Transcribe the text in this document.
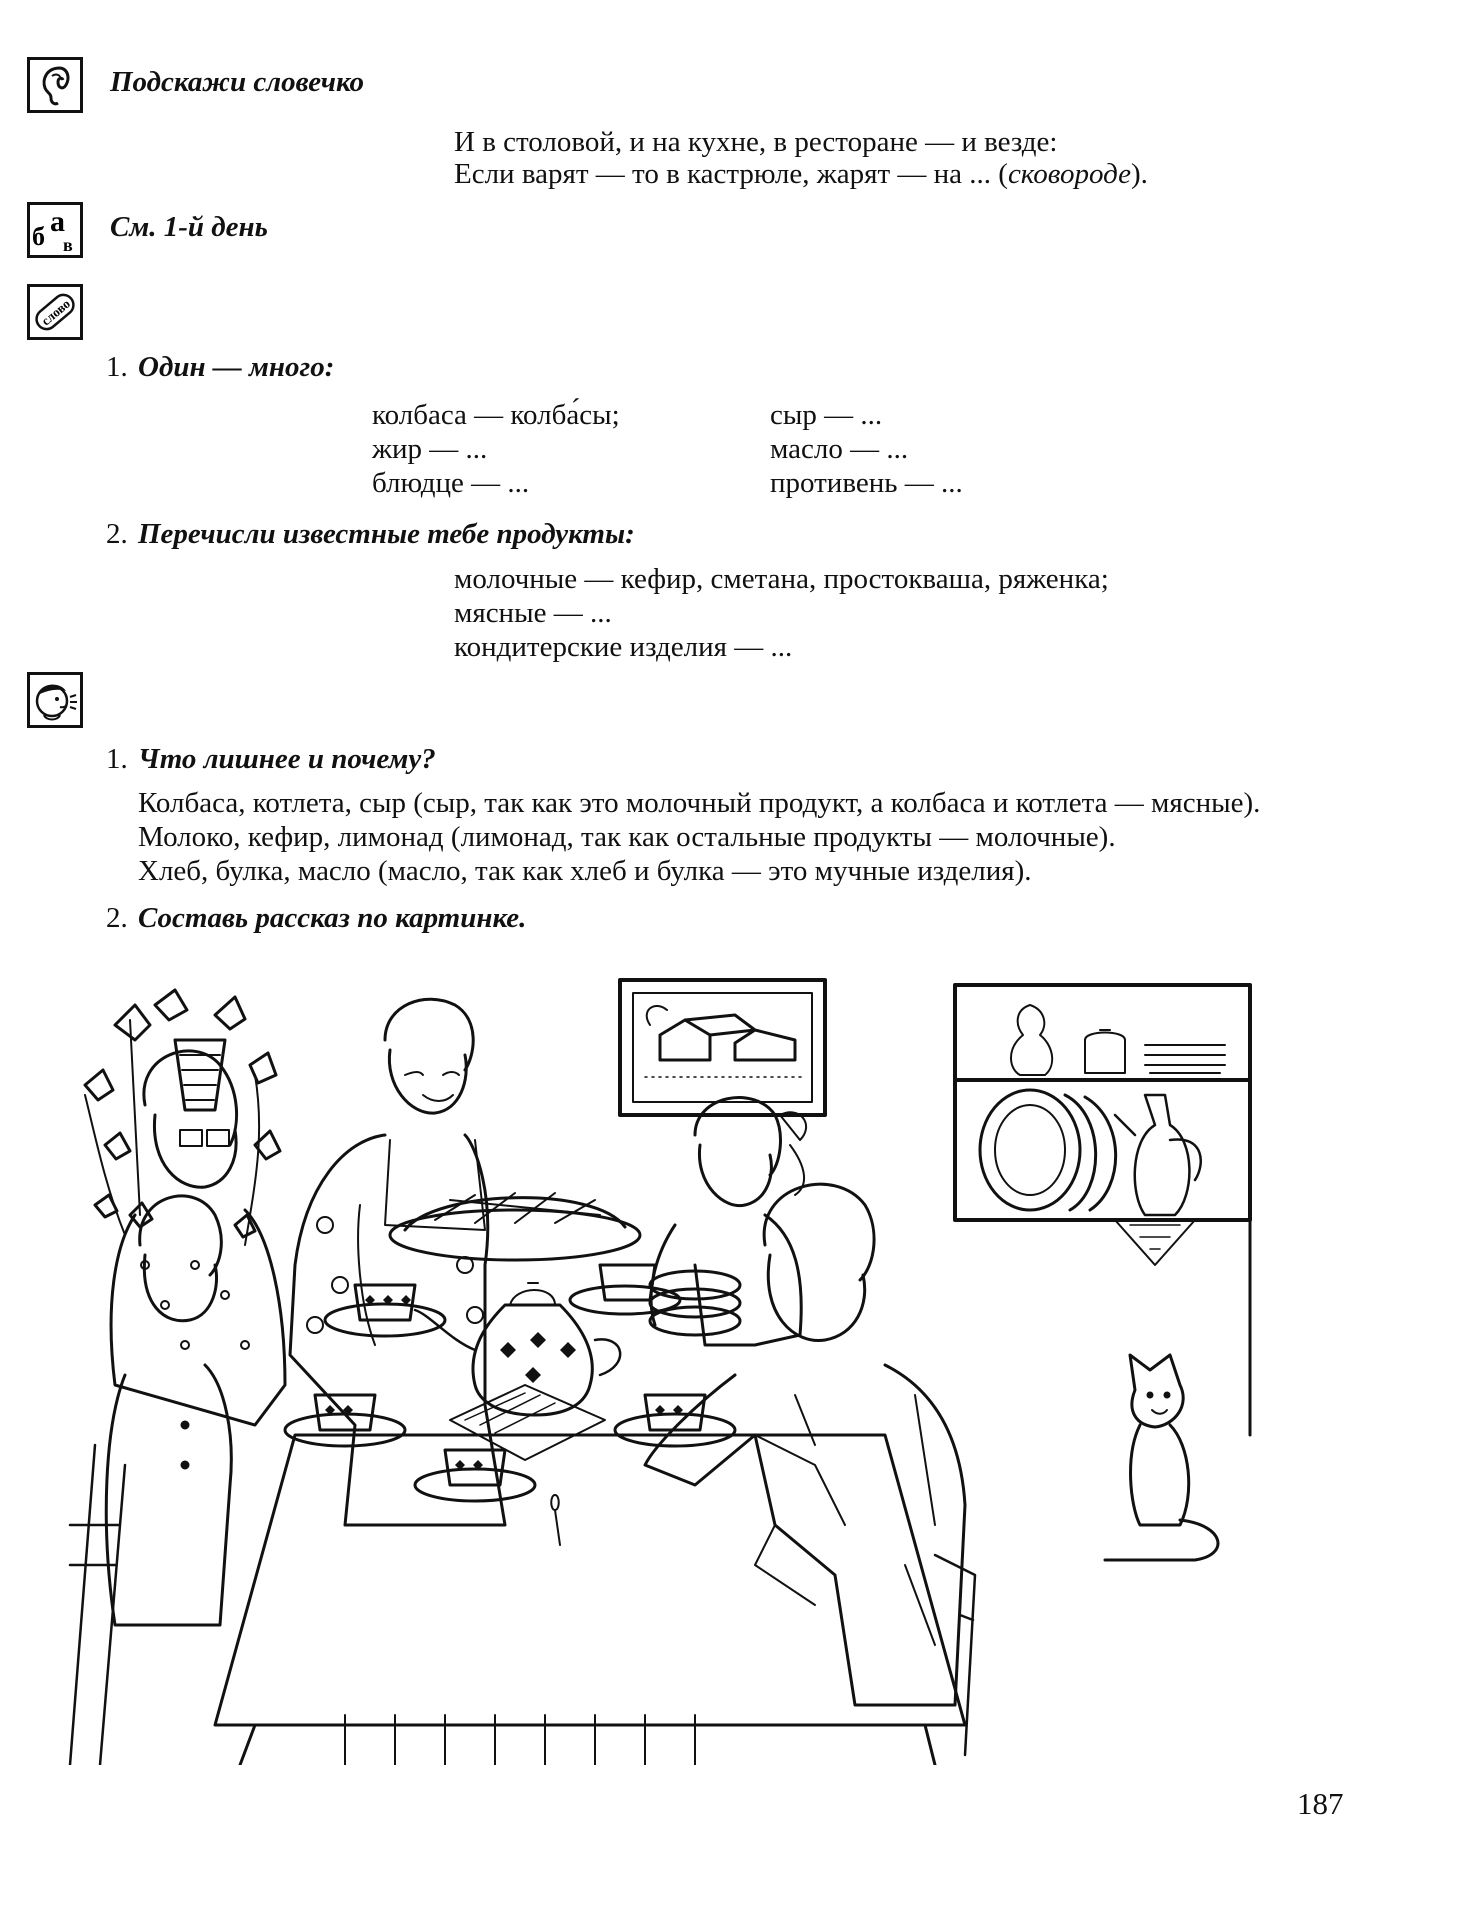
Подскажи словечко
И в столовой, и на кухне, в ресторане — и везде:
Если варят — то в кастрюле, жарят — на ... (сковороде).
б а
в
См. 1-й день
слово
1. Один — много:
колбаса — колба́сы;
жир — ...
блюдце — ...
сыр — ...
масло — ...
противень — ...
2. Перечисли известные тебе продукты:
молочные — кефир, сметана, простокваша, ряженка;
мясные — ...
кондитерские изделия — ...
1. Что лишнее и почему?
Колбаса, котлета, сыр (сыр, так как это молочный продукт, а колбаса и котлета — мясные).
Молоко, кефир, лимонад (лимонад, так как остальные продукты — молочные).
Хлеб, булка, масло (масло, так как хлеб и булка — это мучные изделия).
2. Составь рассказ по картинке.
187
